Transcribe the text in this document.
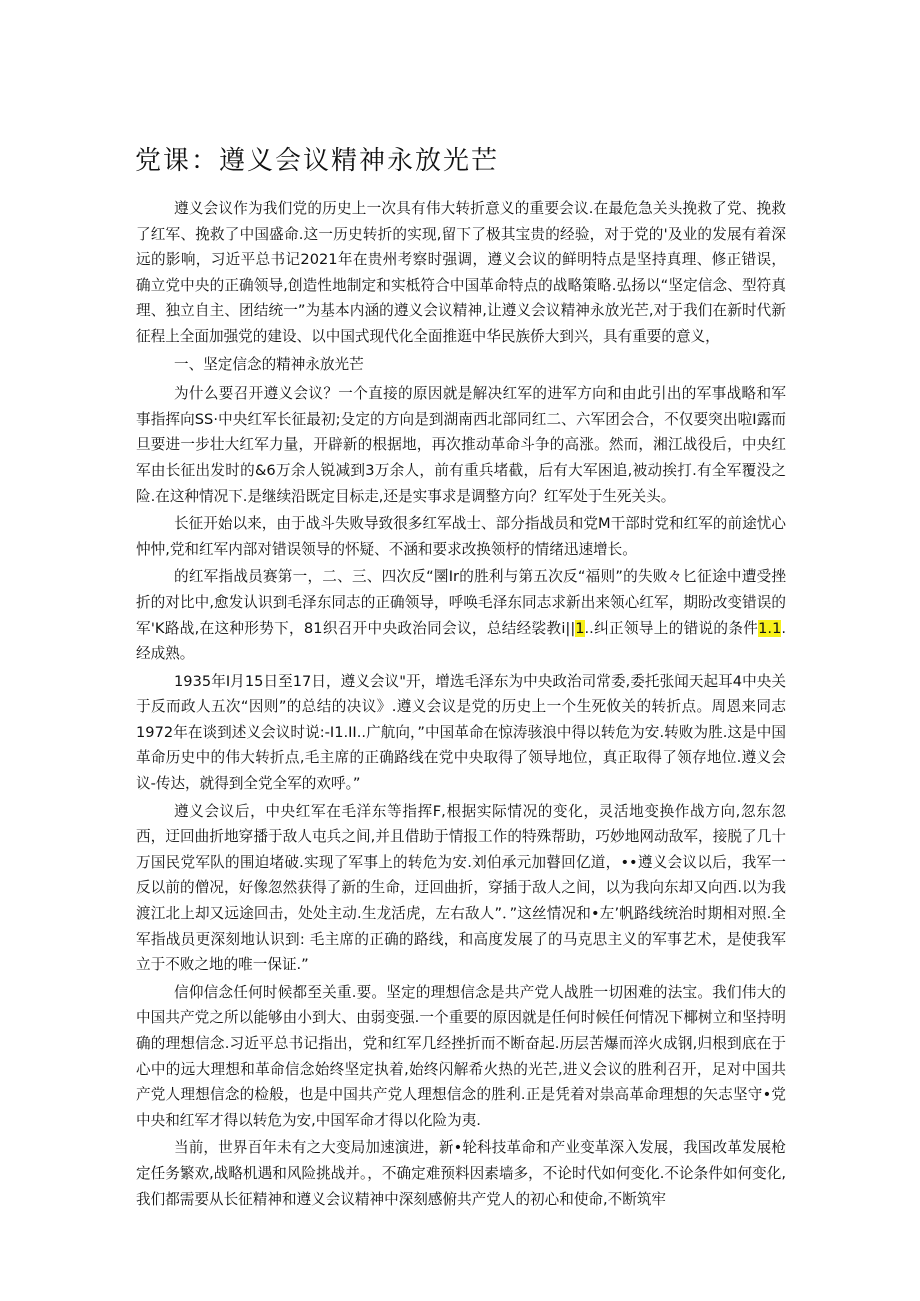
党课：遵义会议精神永放光芒

遵义会议作为我们党的历史上一次具有伟大转折意义的重要会议.在最危急关头挽救了党、挽救了红军、挽救了中国盛命.这一历史转折的实现,留下了极其宝贵的经验，对于党的'及业的发展有着深远的影响，习近平总书记2021年在贵州考察时强调，遵义会议的鲜明特点是坚持真理、修正错误，确立党中央的正确领导,创造性地制定和实柢符合中国革命特点的战略策略.弘扬以“坚定信念、型符真理、独立自主、团结统一”为基本内涵的遵义会议精神,让遵义会议精神永放光芒,对于我们在新时代新征程上全面加强党的建设、以中国式现代化全面推逛中华民族侨大到兴，具有重要的意义，

一、坚定信念的精神永放光芒

为什么要召开遵义会议？一个直接的原因就是解决红军的进军方向和由此引出的军事战略和军事指挥向SS·中央红军长征最初;殳定的方向是到湖南西北部同红二、六军团会合，不仅要突出啦I露而旦要进一步壮大红军力量，开辟新的根据地，再次推动革命斗争的高涨。然而，湘江战役后，中央红军由长征出发时的&6万余人锐减到3万余人，前有重兵堵截，后有大军困追,被动挨打.有全军覆没之险.在这种情况下.是继续沿既定目标走,还是实事求是调整方向？红军处于生死关头。

长征开始以来，由于战斗失败导致很多红军战士、部分指战员和党M干部时党和红军的前途忧心忡忡,党和红军内部对错误领导的怀疑、不涵和要求改换领杼的情绪迅速增长。

的红军指战员赛第一，二、三、四次反“圛Ir的胜利与第五次反“福则”的失败々匕征途中遭受挫折的对比中,愈发认识到毛泽东同志的正确领导，呼唤毛泽东同志求新出来领心红军，期盼改变错误的军'K路战,在这种形势下，81织召开中央政治同会议，总结经裟教i||1..纠正领导上的错说的条件1.1.经成熟。

1935年I月15日至17日，遵义会议"开，增选毛泽东为中央政治司常委,委托张闻天起耳4中央关于反而政人五次“因则”的总结的决议》.遵义会议是党的历史上一个生死攸关的转折点。周恩来同志1972年在谈到述义会议时说:-I1.II..广航向，”中国革命在惊涛骇浪中得以转危为安.转败为胜.这是中国革命历史中的伟大转折点,毛主席的正确路线在党中央取得了领导地位，真正取得了领存地位.遵义会议-传达，就得到全党全军的欢呼。”

遵义会议后，中央红军在毛洋东等指挥F,根据实际情况的变化，灵活地变换作战方向,忽东忽西，迂回曲折地穿播于敌人屯兵之间,并且借助于情报工作的特殊帮助，巧妙地网动敌军，接脱了几十万国民党军队的围迫堵破.实现了军事上的转危为安.刘伯承元加瞽回亿道，••遵义会议以后，我军一反以前的僧况，好像忽然获得了新的生命，迂回曲折，穿插于敌人之间，以为我向东却又向西.以为我渡江北上却又远途回击，处处主动.生龙活虎，左右敌人”．”这丝情况和•左’帆路线统治时期相对照.全军指战员更深刻地认识到: 毛主席的正确的路线，和高度发展了的马克思主义的军事艺术，是使我军立于不败之地的唯一保证.”

信仰信念任何时候都至关重.要。坚定的理想信念是共产党人战胜一切困难的法宝。我们伟大的中国共产党之所以能够由小到大、由弱变强.一个重要的原因就是任何时候任何情况下椰树立和坚持明确的理想信念.习近平总书记指出，党和红军几经挫折而不断奋起.历层苦爆而淬火成钢,归根到底在于心中的远大理想和革命信念始终坚定执着,始终闪解希火热的光芒,进义会议的胜利召开，足对中国共产党人理想信念的检般，也是中国共产党人理想信念的胜利.正是凭着对祟高革命理想的矢志坚守•党中央和红军才得以转危为安,中国军命才得以化险为夷.

当前，世界百年未有之大变局加速演进，新•轮科技革命和产业变革深入发展，我国改革发展枪定任务繁欢,战略机遇和风险挑战并。，不确定难预料因素墙多，不论时代如何变化.不论条件如何变化,我们都需要从长征精神和遵义会议精神中深刻感俯共产党人的初心和使命,不断筑牢
